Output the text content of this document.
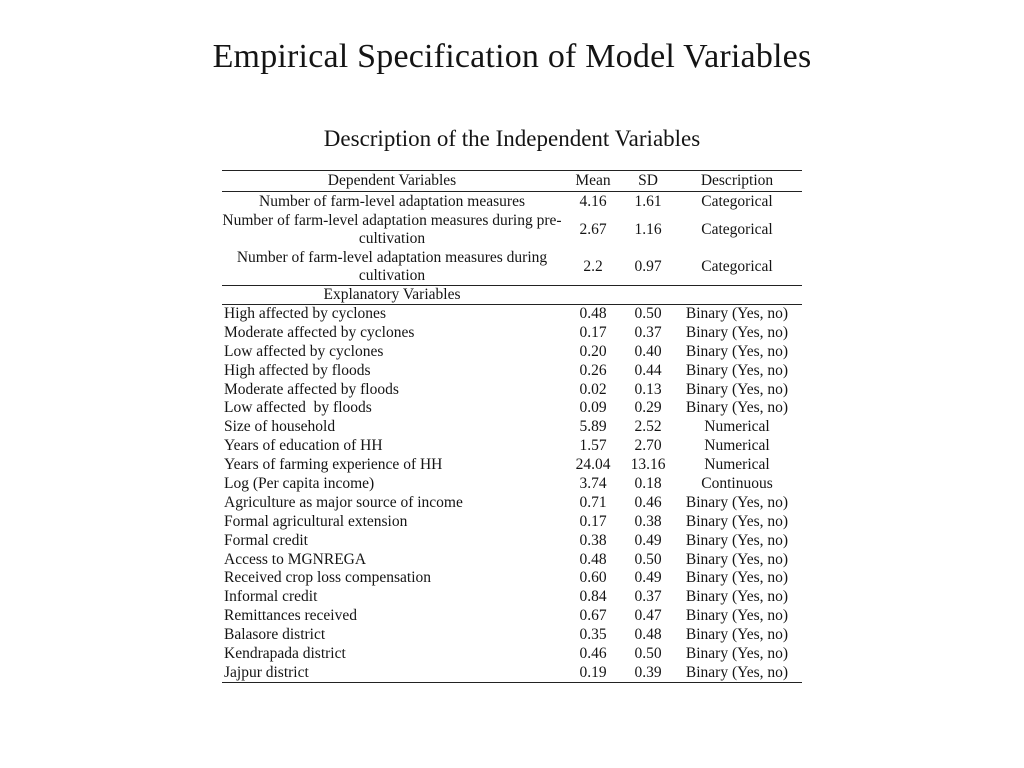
Empirical Specification of Model Variables
Description of the Independent Variables
Dependent Variables	Mean	SD	Description
Number of farm-level adaptation measures	4.16	1.61	Categorical
Number of farm-level adaptation measures during pre-cultivation	2.67	1.16	Categorical
Number of farm-level adaptation measures during cultivation	2.2	0.97	Categorical
Explanatory Variables			
High affected by cyclones	0.48	0.50	Binary (Yes, no)
Moderate affected by cyclones	0.17	0.37	Binary (Yes, no)
Low affected by cyclones	0.20	0.40	Binary (Yes, no)
High affected by floods	0.26	0.44	Binary (Yes, no)
Moderate affected by floods	0.02	0.13	Binary (Yes, no)
Low affected  by floods	0.09	0.29	Binary (Yes, no)
Size of household	5.89	2.52	Numerical
Years of education of HH	1.57	2.70	Numerical
Years of farming experience of HH	24.04	13.16	Numerical
Log (Per capita income)	3.74	0.18	Continuous
Agriculture as major source of income	0.71	0.46	Binary (Yes, no)
Formal agricultural extension	0.17	0.38	Binary (Yes, no)
Formal credit	0.38	0.49	Binary (Yes, no)
Access to MGNREGA	0.48	0.50	Binary (Yes, no)
Received crop loss compensation	0.60	0.49	Binary (Yes, no)
Informal credit	0.84	0.37	Binary (Yes, no)
Remittances received	0.67	0.47	Binary (Yes, no)
Balasore district	0.35	0.48	Binary (Yes, no)
Kendrapada district	0.46	0.50	Binary (Yes, no)
Jajpur district	0.19	0.39	Binary (Yes, no)
